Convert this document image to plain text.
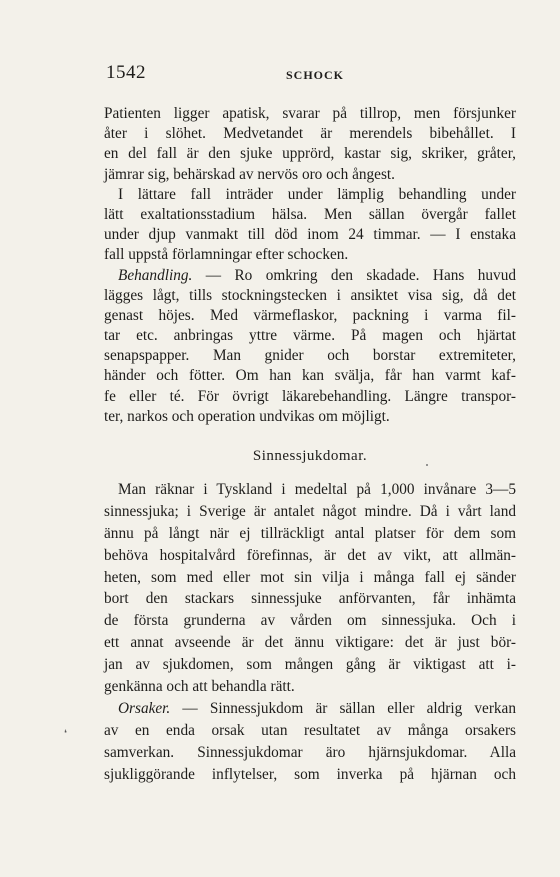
1542	SCHOCK
Patienten ligger apatisk, svarar på tillrop, men försjunker
åter i slöhet. Medvetandet är merendels bibehållet. I
en del fall är den sjuke upprörd, kastar sig, skriker, gråter,
jämrar sig, behärskad av nervös oro och ångest.
I lättare fall inträder under lämplig behandling under
lätt exaltationsstadium hälsa. Men sällan övergår fallet
under djup vanmakt till död inom 24 timmar. — I enstaka
fall uppstå förlamningar efter schocken.
Behandling. — Ro omkring den skadade. Hans huvud
lägges lågt, tills stockningstecken i ansiktet visa sig, då det
genast höjes. Med värmeflaskor, packning i varma fil-
tar etc. anbringas yttre värme. På magen och hjärtat
senapspapper. Man gnider och borstar extremiteter,
händer och fötter. Om han kan svälja, får han varmt kaf-
fe eller té. För övrigt läkarebehandling. Längre transpor-
ter, narkos och operation undvikas om möjligt.
Sinnessjukdomar.
Man räknar i Tyskland i medeltal på 1,000 invånare 3—5
sinnessjuka; i Sverige är antalet något mindre. Då i vårt land
ännu på långt när ej tillräckligt antal platser för dem som
behöva hospitalvård förefinnas, är det av vikt, att allmän-
heten, som med eller mot sin vilja i många fall ej sänder
bort den stackars sinnessjuke anförvanten, får inhämta
de första grunderna av vården om sinnessjuka. Och i
ett annat avseende är det ännu viktigare: det är just bör-
jan av sjukdomen, som mången gång är viktigast att i-
genkänna och att behandla rätt.
Orsaker. — Sinnessjukdom är sällan eller aldrig verkan
av en enda orsak utan resultatet av många orsakers
samverkan. Sinnessjukdomar äro hjärnsjukdomar. Alla
sjukliggörande inflytelser, som inverka på hjärnan och
❛
